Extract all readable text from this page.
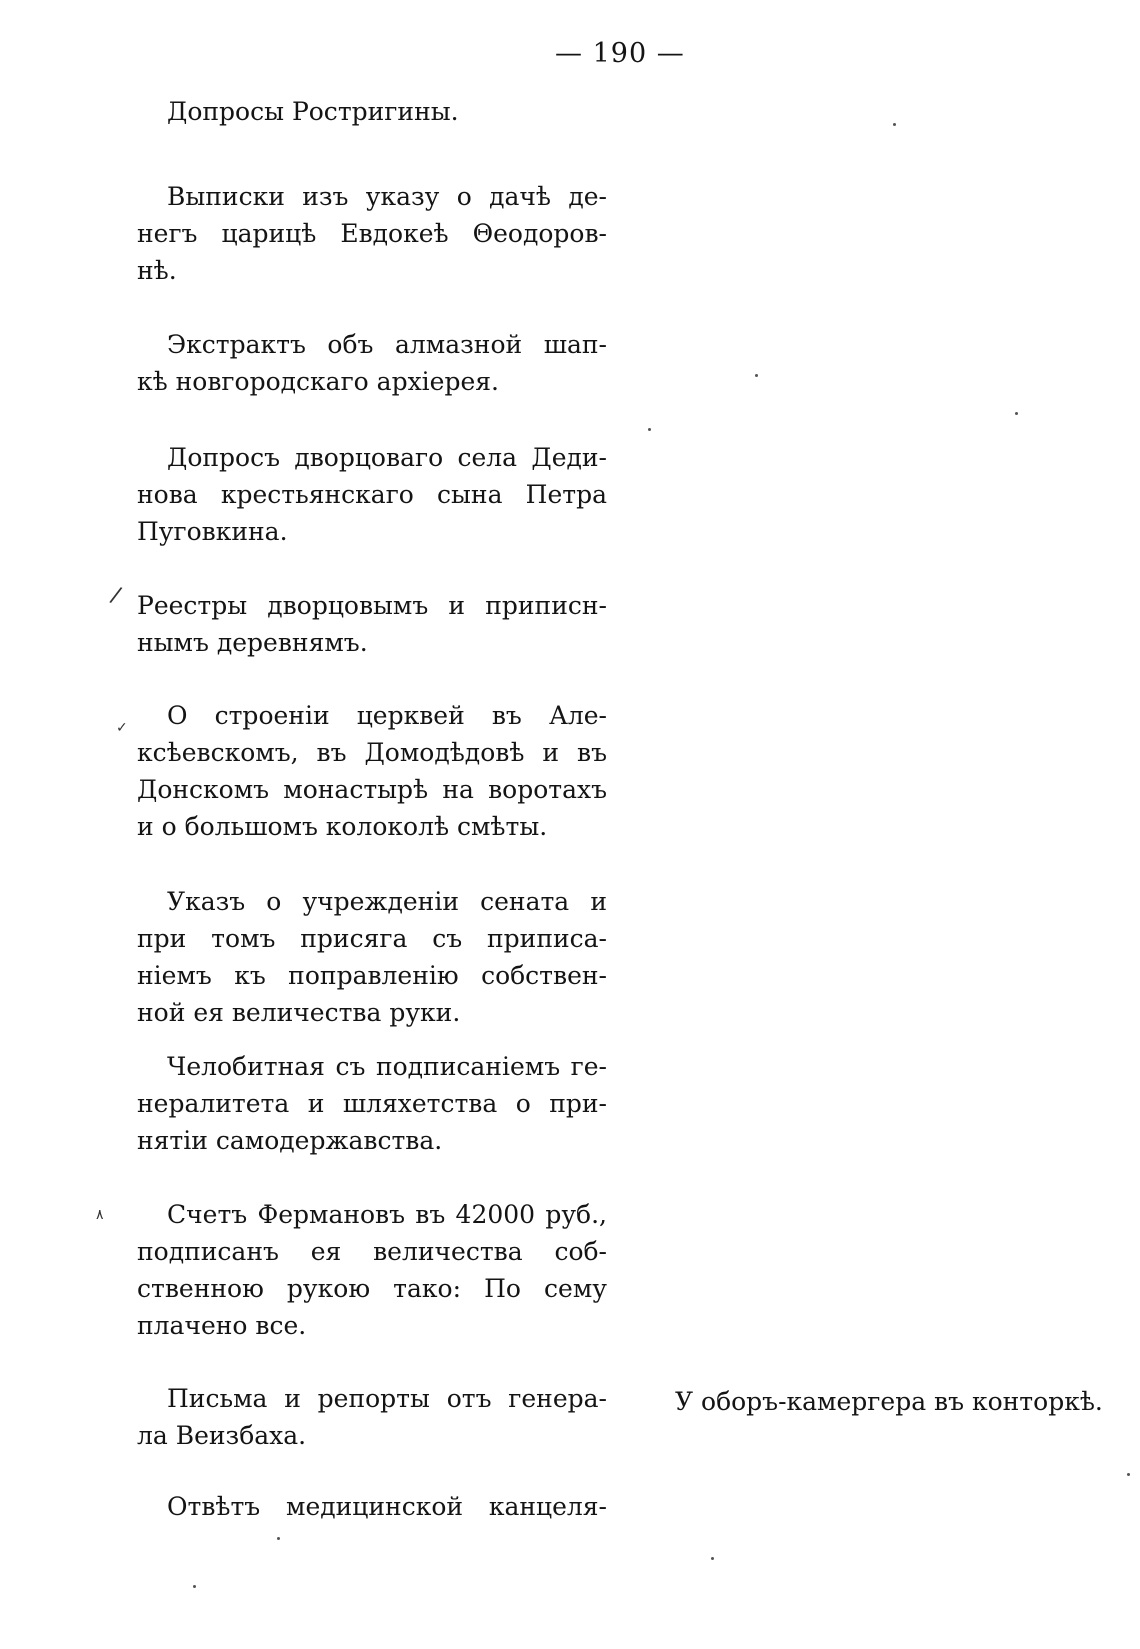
— 190 —
Допросы Ростригины.
Выписки изъ указу о дачѣ де-
негъ царицѣ Евдокеѣ Θеодоров-
нѣ.
Экстрактъ объ алмазной шап-
кѣ новгородскаго архіерея.
Допросъ дворцоваго села Деди-
нова крестьянскаго сына Петра
Пуговкина.
Реестры дворцовымъ и приписн-
нымъ деревнямъ.
О строеніи церквей въ Але-
ксѣевскомъ, въ Домодѣдовѣ и въ
Донскомъ монастырѣ на воротахъ
и о большомъ колоколѣ смѣты.
Указъ о учрежденіи сената и
при томъ присяга съ приписа-
ніемъ къ поправленію собствен-
ной ея величества руки.
Челобитная съ подписаніемъ ге-
нералитета и шляхетства о при-
нятіи самодержавства.
Счетъ Фермановъ въ 42000 руб.,
подписанъ ея величества соб-
ственною рукою тако: По сему
плачено все.
Письма и репорты отъ генера-
ла Веизбаха.
Отвѣтъ медицинской канцеля-
У оборъ-камергера въ конторкѣ.
/
✓
۸
